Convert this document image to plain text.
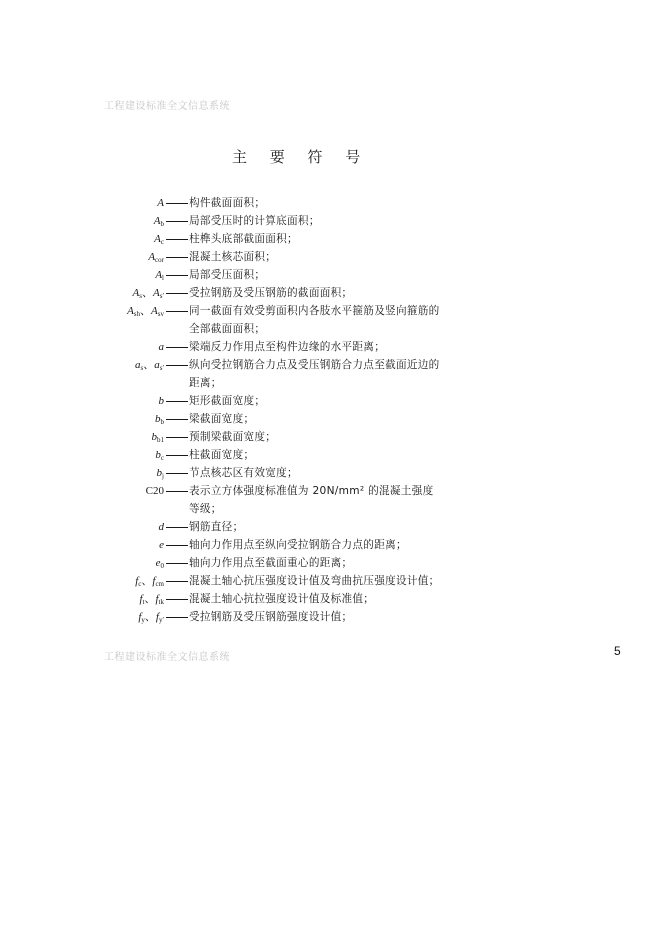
工程建设标准全文信息系统
主 要 符 号
A 构件截面面积；
$A_b$ 局部受压时的计算底面积；
$A_c$ 柱榫头底部截面面积；
$A_{cor}$ 混凝土核芯面积；
$A_l$ 局部受压面积；
$A_s$、$A_{s'}$ 受拉钢筋及受压钢筋的截面面积；
$A_{sh}$、$A_{sv}$ 同一截面有效受剪面积内各肢水平箍筋及竖向箍筋的全部截面面积；
a 梁端反力作用点至构件边缘的水平距离；
$a_s$、$a_{s'}$ 纵向受拉钢筋合力点及受压钢筋合力点至截面近边的距离；
b 矩形截面宽度；
$b_b$ 梁截面宽度；
$b_{b1}$ 预制梁截面宽度；
$b_c$ 柱截面宽度；
$b_j$ 节点核芯区有效宽度；
C20 表示立方体强度标准值为 20N/mm² 的混凝土强度等级；
d 钢筋直径；
e 轴向力作用点至纵向受拉钢筋合力点的距离；
$e_0$ 轴向力作用点至截面重心的距离；
$f_c$、$f_{cm}$ 混凝土轴心抗压强度设计值及弯曲抗压强度设计值；
$f_t$、$f_{tk}$ 混凝土轴心抗拉强度设计值及标准值；
$f_y$、$f_{y'}$ 受拉钢筋及受压钢筋强度设计值；
工程建设标准全文信息系统	5
